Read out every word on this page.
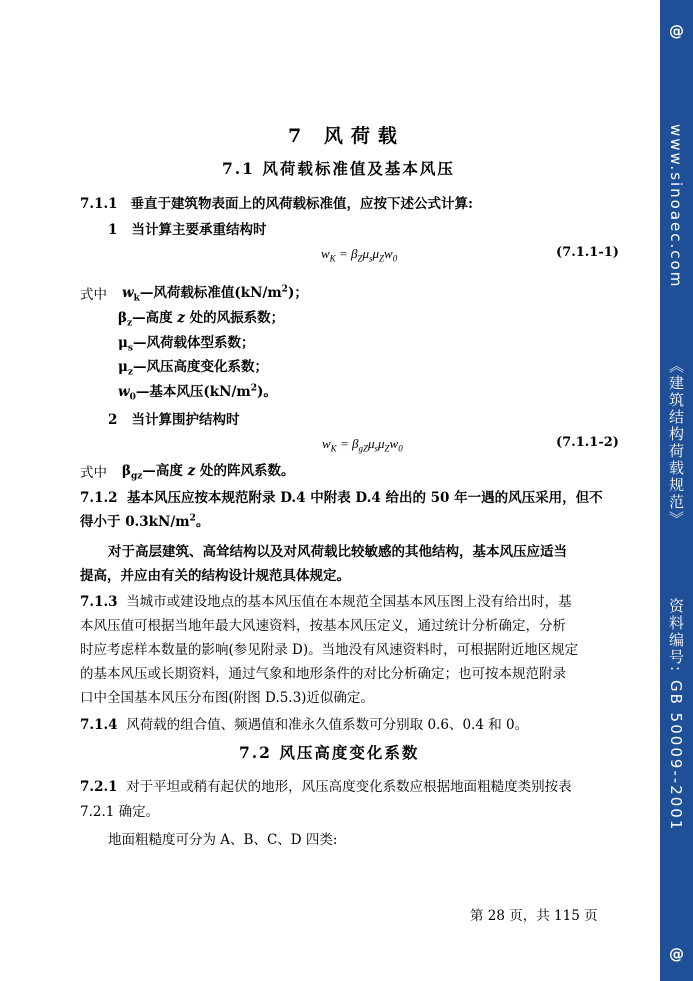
7 风荷载
7.1 风荷载标准值及基本风压
7.1.1 垂直于建筑物表面上的风荷载标准值，应按下述公式计算:
1 当计算主要承重结构时
$w_K = \beta_Z\mu_s\mu_Zw_0$	(7.1.1-1)
式中 $w_k—$风荷载标准值$(kN/m^2)$；
$\beta_z—$高度 z 处的风振系数；
$\mu_s—$风荷载体型系数；
$\mu_z—$风压高度变化系数；
$w_0—$基本风压$(kN/m^2)$。
2 当计算围护结构时
$w_K = \beta_{gZ}\mu_s\mu_Zw_0$	(7.1.1-2)
式中 $\beta_{gz}—$高度 z 处的阵风系数。
7.1.2 基本风压应按本规范附录 D.4 中附表 D.4 给出的 50 年一遇的风压采用，但不
得小于 $0.3kN/m^2$。
对于高层建筑、高耸结构以及对风荷载比较敏感的其他结构，基本风压应适当
提高，并应由有关的结构设计规范具体规定。
7.1.3 当城市或建设地点的基本风压值在本规范全国基本风压图上没有给出时，基
本风压值可根据当地年最大风速资料，按基本风压定义，通过统计分析确定，分析
时应考虑样本数量的影响(参见附录 D)。当地没有风速资料时，可根据附近地区规定
的基本风压或长期资料，通过气象和地形条件的对比分析确定；也可按本规范附录
口中全国基本风压分布图(附图 D.5.3)近似确定。
7.1.4 风荷载的组合值、频遇值和准永久值系数可分别取 0.6、0.4 和 0。
7.2 风压高度变化系数
7.2.1 对于平坦或稍有起伏的地形，风压高度变化系数应根据地面粗糙度类别按表
7.2.1 确定。
地面粗糙度可分为 A、B、C、D 四类:
第 28 页，共 115 页
@
www.sinoaec.com《建筑结构荷载规范》资料编号: GB 50009--2001
@
